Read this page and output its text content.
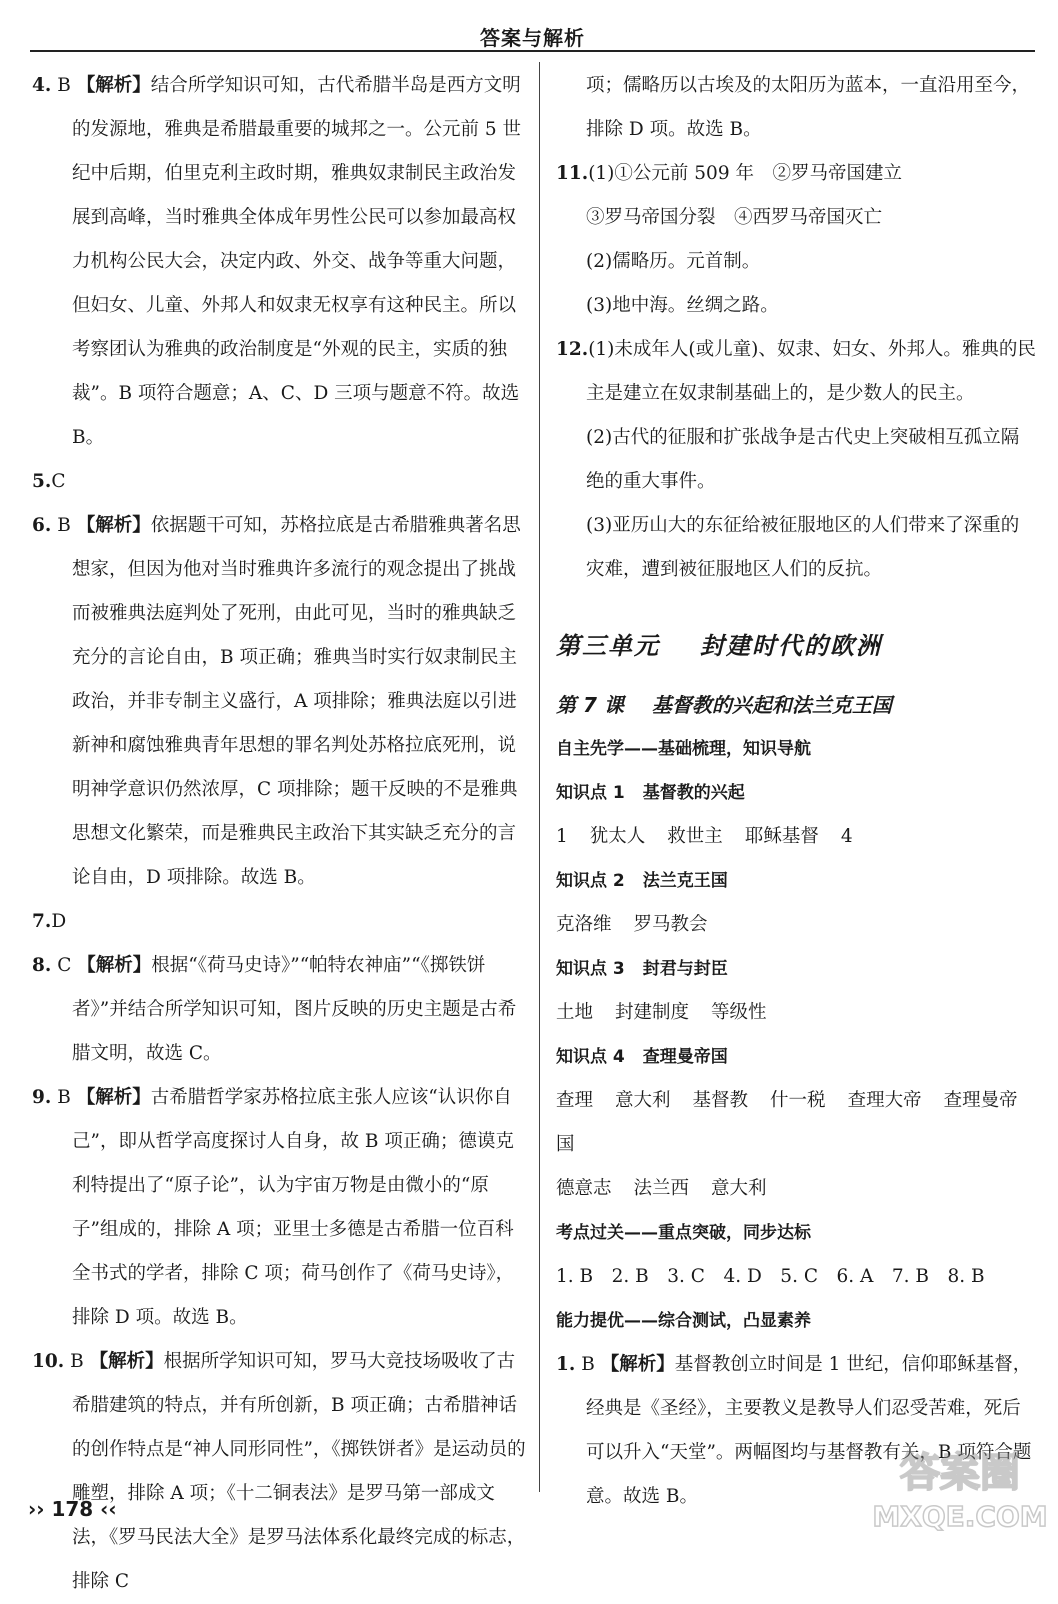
答案与解析
4. B 【解析】结合所学知识可知，古代希腊半岛是西方文明的发源地，雅典是希腊最重要的城邦之一。公元前 5 世纪中后期，伯里克利主政时期，雅典奴隶制民主政治发展到高峰，当时雅典全体成年男性公民可以参加最高权力机构公民大会，决定内政、外交、战争等重大问题，但妇女、儿童、外邦人和奴隶无权享有这种民主。所以考察团认为雅典的政治制度是“外观的民主，实质的独裁”。B 项符合题意；A、C、D 三项与题意不符。故选 B。
5.C
6. B 【解析】依据题干可知，苏格拉底是古希腊雅典著名思想家，但因为他对当时雅典许多流行的观念提出了挑战而被雅典法庭判处了死刑，由此可见，当时的雅典缺乏充分的言论自由，B 项正确；雅典当时实行奴隶制民主政治，并非专制主义盛行，A 项排除；雅典法庭以引进新神和腐蚀雅典青年思想的罪名判处苏格拉底死刑，说明神学意识仍然浓厚，C 项排除；题干反映的不是雅典思想文化繁荣，而是雅典民主政治下其实缺乏充分的言论自由，D 项排除。故选 B。
7.D
8. C 【解析】根据“《荷马史诗》”“帕特农神庙”“《掷铁饼者》”并结合所学知识可知，图片反映的历史主题是古希腊文明，故选 C。
9. B 【解析】古希腊哲学家苏格拉底主张人应该“认识你自己”，即从哲学高度探讨人自身，故 B 项正确；德谟克利特提出了“原子论”，认为宇宙万物是由微小的“原子”组成的，排除 A 项；亚里士多德是古希腊一位百科全书式的学者，排除 C 项；荷马创作了《荷马史诗》，排除 D 项。故选 B。
10. B 【解析】根据所学知识可知，罗马大竞技场吸收了古希腊建筑的特点，并有所创新，B 项正确；古希腊神话的创作特点是“神人同形同性”，《掷铁饼者》是运动员的雕塑，排除 A 项；《十二铜表法》是罗马第一部成文法，《罗马民法大全》是罗马法体系化最终完成的标志，排除 C
项；儒略历以古埃及的太阳历为蓝本，一直沿用至今，排除 D 项。故选 B。
11.(1)①公元前 509 年　②罗马帝国建立
③罗马帝国分裂　④西罗马帝国灭亡
(2)儒略历。元首制。
(3)地中海。丝绸之路。
12.(1)未成年人(或儿童)、奴隶、妇女、外邦人。雅典的民主是建立在奴隶制基础上的，是少数人的民主。
(2)古代的征服和扩张战争是古代史上突破相互孤立隔绝的重大事件。
(3)亚历山大的东征给被征服地区的人们带来了深重的灾难，遭到被征服地区人们的反抗。
第三单元 封建时代的欧洲
第 7 课 基督教的兴起和法兰克王国
自主先学——基础梳理，知识导航
知识点 1 基督教的兴起
1 犹太人 救世主 耶稣基督 4
知识点 2 法兰克王国
克洛维 罗马教会
知识点 3 封君与封臣
土地 封建制度 等级性
知识点 4 查理曼帝国
查理 意大利 基督教 什一税 查理大帝 查理曼帝国
德意志 法兰西 意大利
考点过关——重点突破，同步达标
1. B　2. B　3. C　4. D　5. C　6. A　7. B　8. B
能力提优——综合测试，凸显素养
1. B 【解析】基督教创立时间是 1 世纪，信仰耶稣基督，经典是《圣经》，主要教义是教导人们忍受苦难，死后可以升入“天堂”。两幅图均与基督教有关，B 项符合题意。故选 B。
›› 178 ‹‹
答案圈
MXQE.COM
